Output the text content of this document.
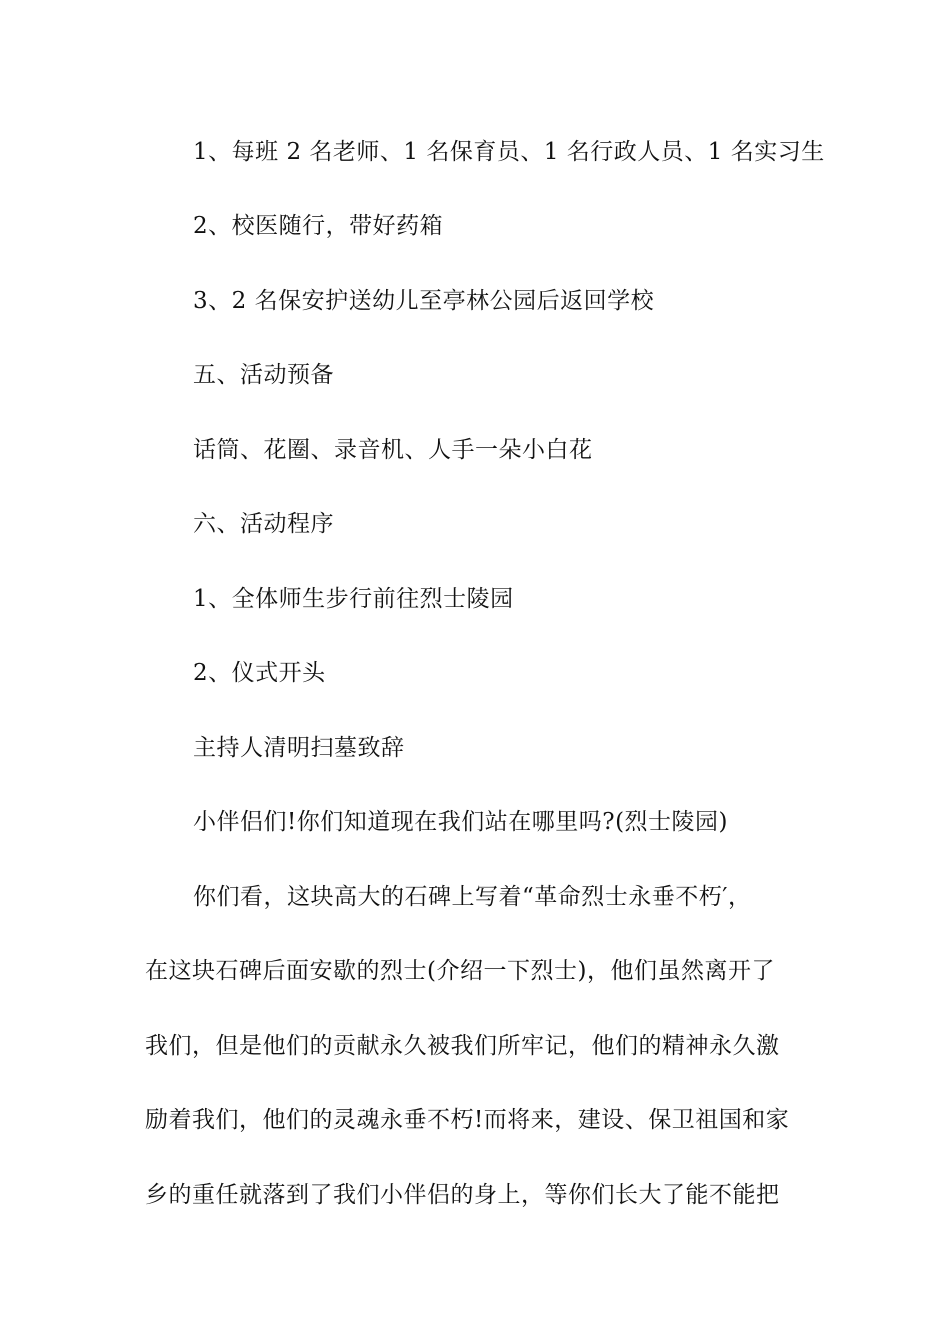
1、每班 2 名老师、1 名保育员、1 名行政人员、1 名实习生
2、校医随行，带好药箱
3、2 名保安护送幼儿至亭林公园后返回学校
五、活动预备
话筒、花圈、录音机、人手一朵小白花
六、活动程序
1、全体师生步行前往烈士陵园
2、仪式开头
主持人清明扫墓致辞
小伴侣们!你们知道现在我们站在哪里吗?(烈士陵园)
你们看，这块高大的石碑上写着“革命烈士永垂不朽′，
在这块石碑后面安歇的烈士(介绍一下烈士)，他们虽然离开了
我们，但是他们的贡献永久被我们所牢记，他们的精神永久激
励着我们，他们的灵魂永垂不朽!而将来，建设、保卫祖国和家
乡的重任就落到了我们小伴侣的身上，等你们长大了能不能把
